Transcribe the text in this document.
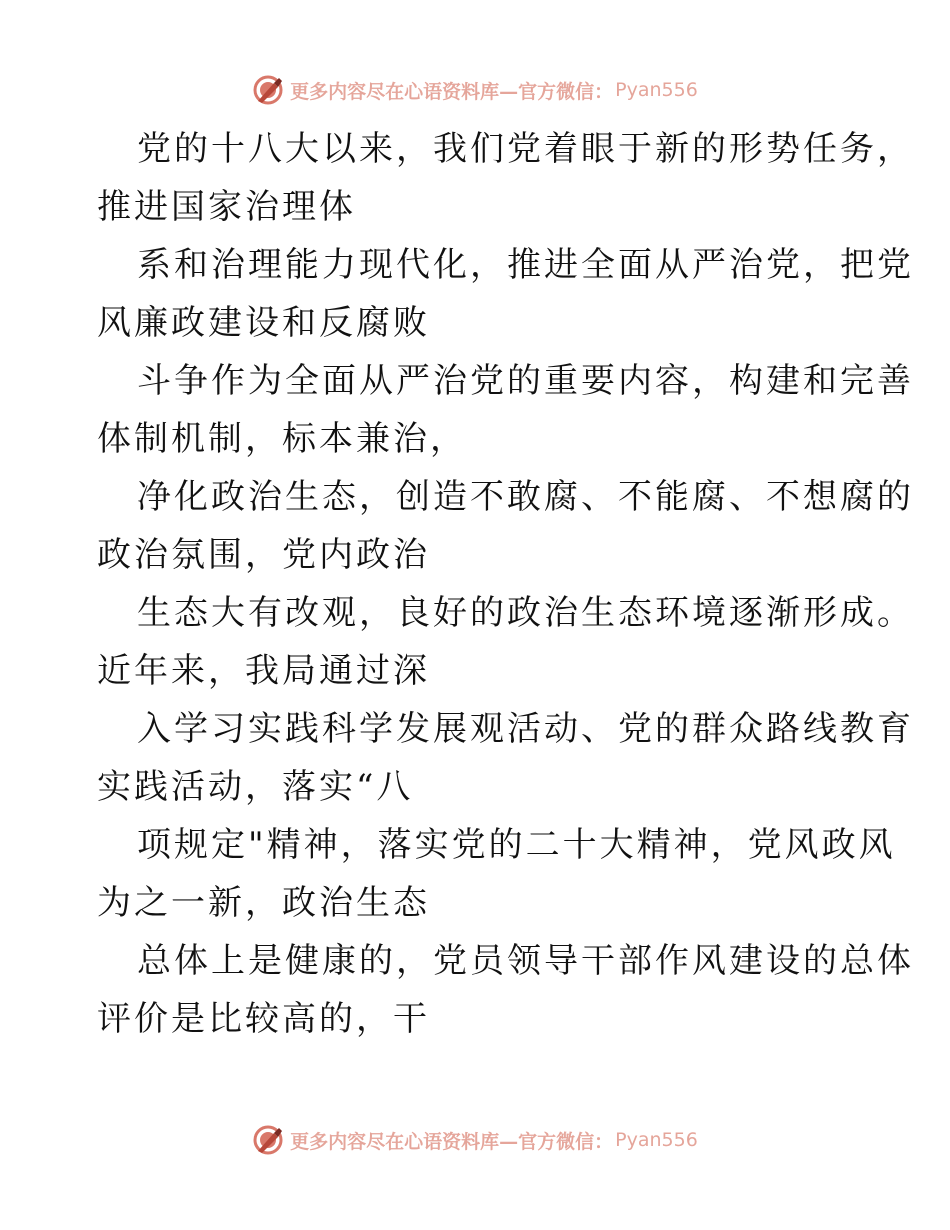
更多内容尽在心语资料库—官方微信： Pyan556

党的十八大以来，我们党着眼于新的形势任务，
推进国家治理体

系和治理能力现代化，推进全面从严治党，把党
风廉政建设和反腐败

斗争作为全面从严治党的重要内容，构建和完善
体制机制，标本兼治，

净化政治生态，创造不敢腐、不能腐、不想腐的
政治氛围，党内政治

生态大有改观，良好的政治生态环境逐渐形成。
近年来，我局通过深

入学习实践科学发展观活动、党的群众路线教育
实践活动，落实“八

项规定"精神，落实党的二十大精神，党风政风
为之一新，政治生态

总体上是健康的，党员领导干部作风建设的总体
评价是比较高的，干

更多内容尽在心语资料库—官方微信： Pyan556
